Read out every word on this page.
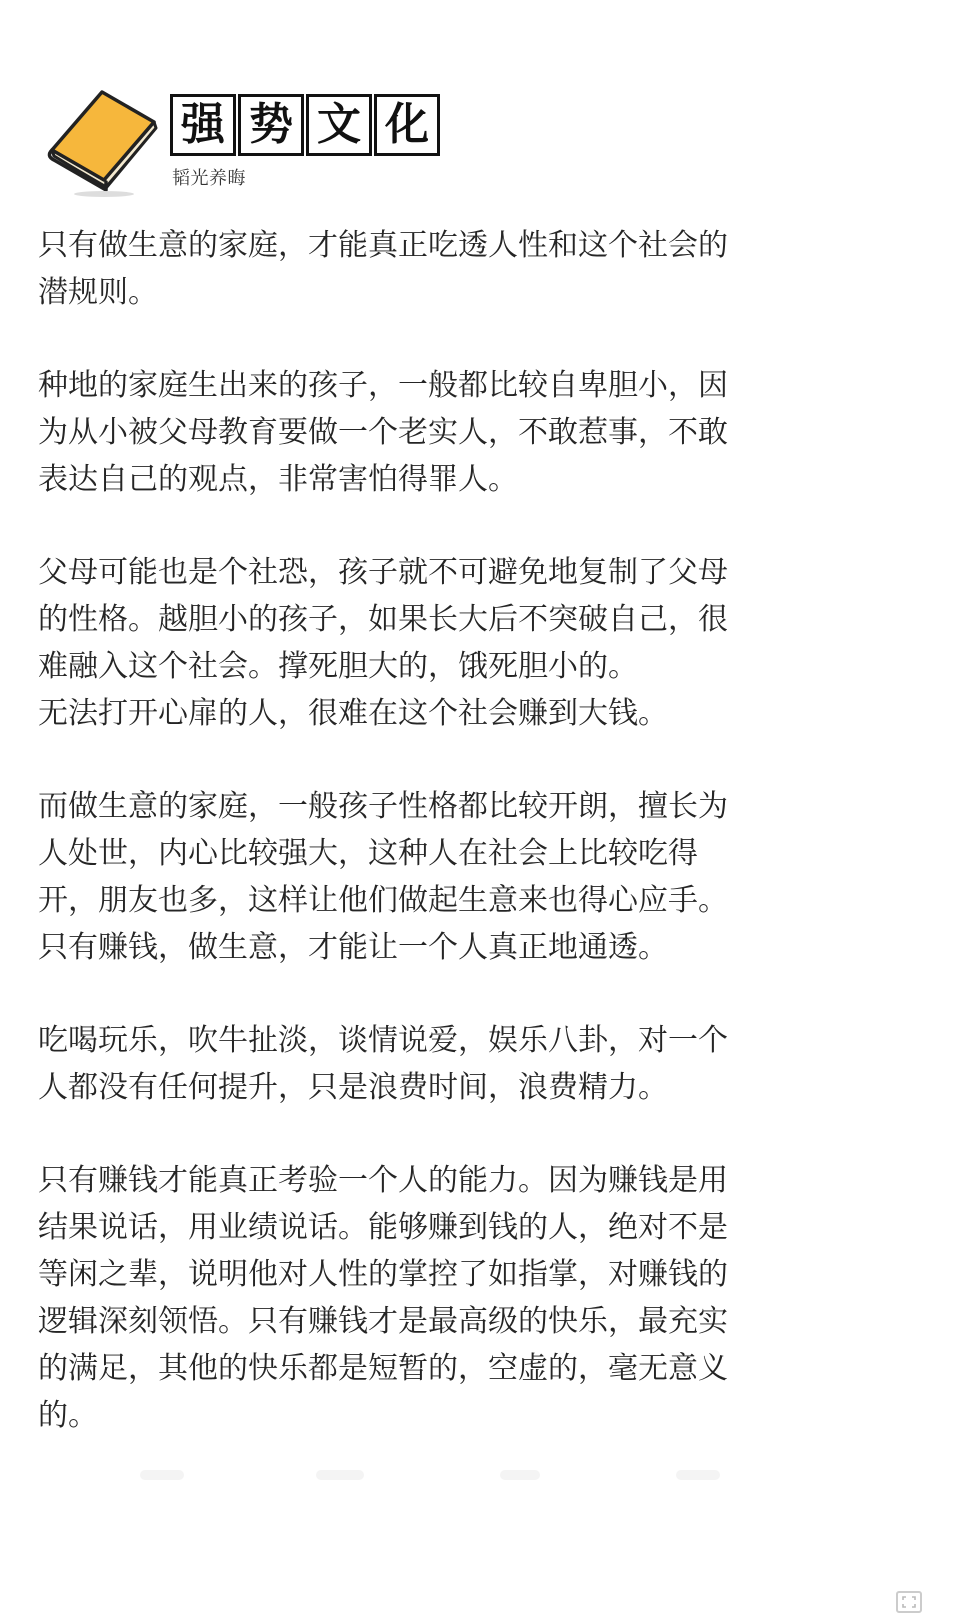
强 势 文 化
韬光养晦

只有做生意的家庭，才能真正吃透人性和这个社会的
潜规则。

种地的家庭生出来的孩子，一般都比较自卑胆小，因
为从小被父母教育要做一个老实人，不敢惹事，不敢
表达自己的观点，非常害怕得罪人。

父母可能也是个社恐，孩子就不可避免地复制了父母
的性格。越胆小的孩子，如果长大后不突破自己，很
难融入这个社会。撑死胆大的，饿死胆小的。
无法打开心扉的人，很难在这个社会赚到大钱。

而做生意的家庭，一般孩子性格都比较开朗，擅长为
人处世，内心比较强大，这种人在社会上比较吃得
开，朋友也多，这样让他们做起生意来也得心应手。
只有赚钱，做生意，才能让一个人真正地通透。

吃喝玩乐，吹牛扯淡，谈情说爱，娱乐八卦，对一个
人都没有任何提升，只是浪费时间，浪费精力。

只有赚钱才能真正考验一个人的能力。因为赚钱是用
结果说话，用业绩说话。能够赚到钱的人，绝对不是
等闲之辈，说明他对人性的掌控了如指掌，对赚钱的
逻辑深刻领悟。只有赚钱才是最高级的快乐，最充实
的满足，其他的快乐都是短暂的，空虚的，毫无意义
的。
